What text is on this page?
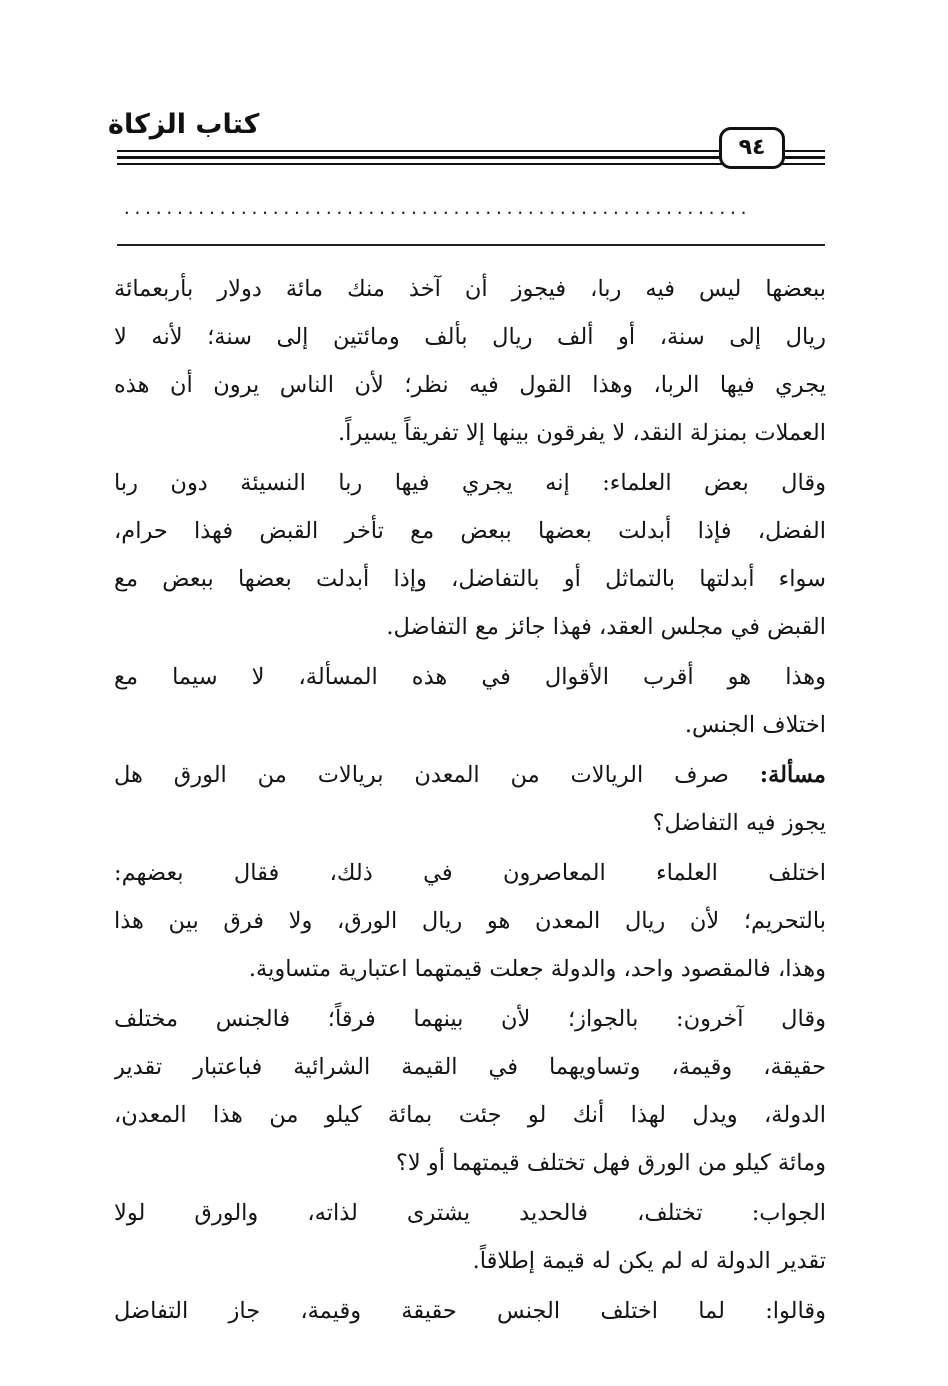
كتاب الزكاة
٩٤
...........................................................
ببعضها ليس فيه ربا، فيجوز أن آخذ منك مائة دولار بأربعمائة
ريال إلى سنة، أو ألف ريال بألف ومائتين إلى سنة؛ لأنه لا
يجري فيها الربا، وهذا القول فيه نظر؛ لأن الناس يرون أن هذه
العملات بمنزلة النقد، لا يفرقون بينها إلا تفريقاً يسيراً.
وقال بعض العلماء: إنه يجري فيها ربا النسيئة دون ربا
الفضل، فإذا أبدلت بعضها ببعض مع تأخر القبض فهذا حرام،
سواء أبدلتها بالتماثل أو بالتفاضل، وإذا أبدلت بعضها ببعض مع
القبض في مجلس العقد، فهذا جائز مع التفاضل.
وهذا هو أقرب الأقوال في هذه المسألة، لا سيما مع
اختلاف الجنس.
مسألة: صرف الريالات من المعدن بريالات من الورق هل
يجوز فيه التفاضل؟
اختلف العلماء المعاصرون في ذلك، فقال بعضهم:
بالتحريم؛ لأن ريال المعدن هو ريال الورق، ولا فرق بين هذا
وهذا، فالمقصود واحد، والدولة جعلت قيمتهما اعتبارية متساوية.
وقال آخرون: بالجواز؛ لأن بينهما فرقاً؛ فالجنس مختلف
حقيقة، وقيمة، وتساويهما في القيمة الشرائية فباعتبار تقدير
الدولة، ويدل لهذا أنك لو جئت بمائة كيلو من هذا المعدن،
ومائة كيلو من الورق فهل تختلف قيمتهما أو لا؟
الجواب: تختلف، فالحديد يشترى لذاته، والورق لولا
تقدير الدولة له لم يكن له قيمة إطلاقاً.
وقالوا: لما اختلف الجنس حقيقة وقيمة، جاز التفاضل
